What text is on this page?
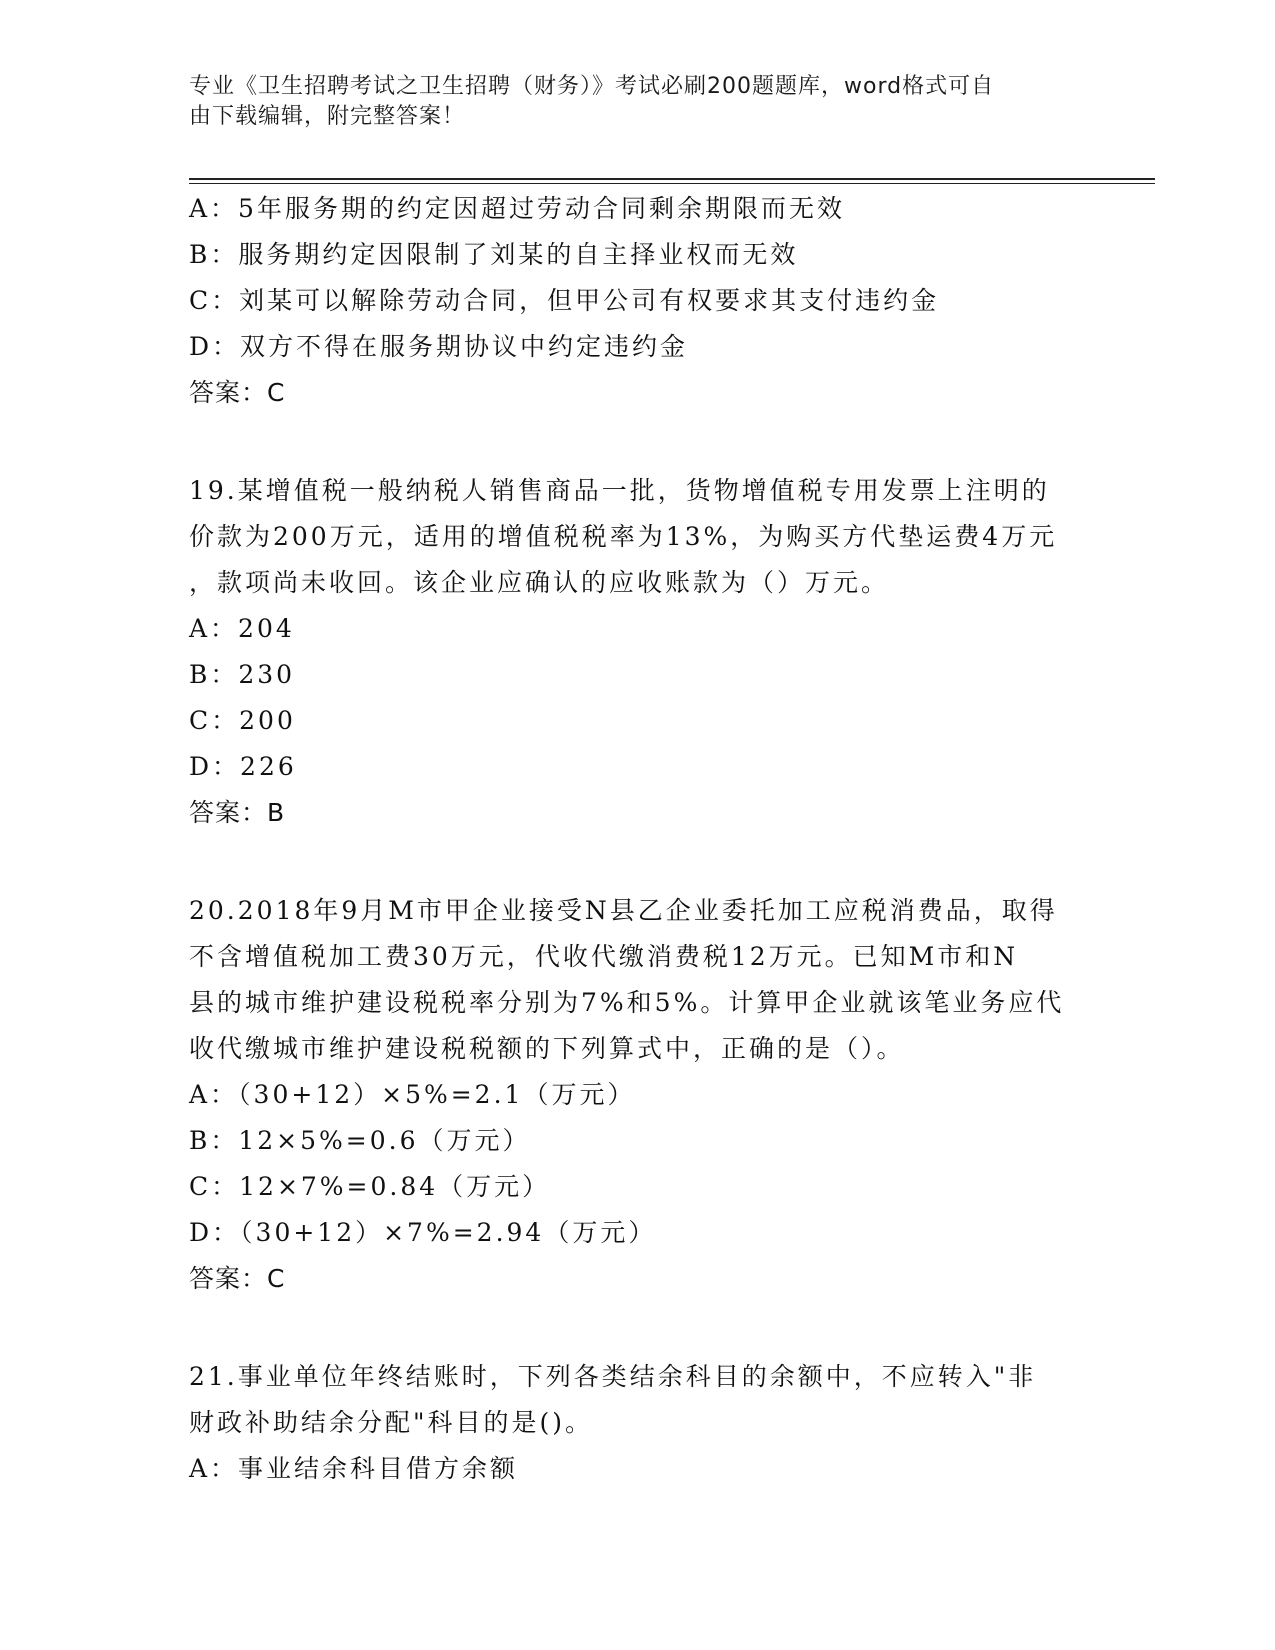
专业《卫生招聘考试之卫生招聘（财务）》考试必刷200题题库，word格式可自
由下载编辑，附完整答案！
A：5年服务期的约定因超过劳动合同剩余期限而无效
B：服务期约定因限制了刘某的自主择业权而无效
C：刘某可以解除劳动合同，但甲公司有权要求其支付违约金
D：双方不得在服务期协议中约定违约金
答案：C
19.某增值税一般纳税人销售商品一批，货物增值税专用发票上注明的
价款为200万元，适用的增值税税率为13%，为购买方代垫运费4万元
，款项尚未收回。该企业应确认的应收账款为（）万元。
A：204
B：230
C：200
D：226
答案：B
20.2018年9月M市甲企业接受N县乙企业委托加工应税消费品，取得
不含增值税加工费30万元，代收代缴消费税12万元。已知M市和N
县的城市维护建设税税率分别为7%和5%。计算甲企业就该笔业务应代
收代缴城市维护建设税税额的下列算式中，正确的是（）。
A：（30+12）×5%=2.1（万元）
B：12×5%=0.6（万元）
C：12×7%=0.84（万元）
D：（30+12）×7%=2.94（万元）
答案：C
21.事业单位年终结账时，下列各类结余科目的余额中，不应转入"非
财政补助结余分配"科目的是()。
A：事业结余科目借方余额
